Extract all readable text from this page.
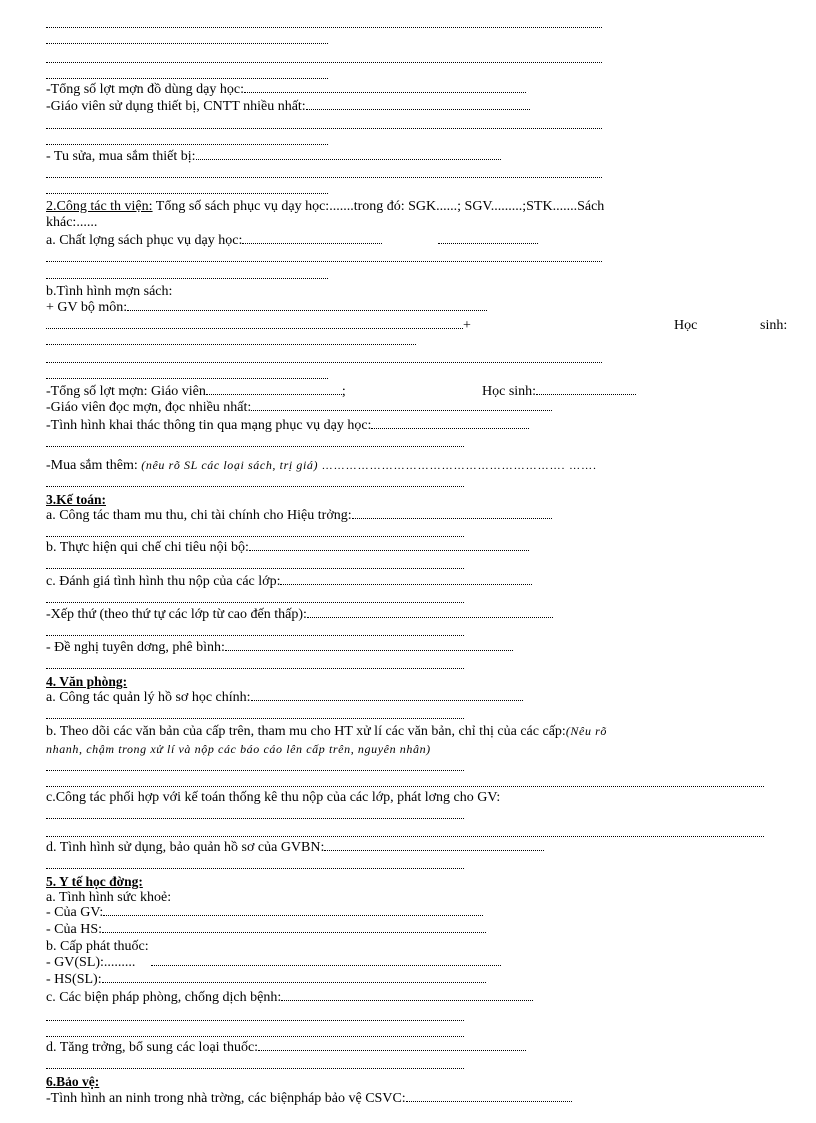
-Tổng số lợt mợn đồ dùng dạy học:
-Giáo viên sử dụng thiết bị, CNTT nhiều nhất:
- Tu sửa, mua sắm thiết bị:
2.Công tác th viện: Tổng số sách phục vụ dạy học:.......trong đó: SGK......; SGV.........;STK.......Sách
khác:......
a. Chất lợng sách phục vụ dạy học:
b.Tình hình mợn sách:
+ GV bộ môn:
+	Học	sinh:
-Tổng số lợt mợn: Giáo viên	;	Học sinh:
-Giáo viên đọc mợn, đọc nhiều nhất:
-Tình hình khai thác thông tin qua mạng phục vụ dạy học:
-Mua sắm thêm: (nêu rõ SL các loại sách, trị giá) ……………………………………………………. …….
3.Kế toán:
a. Công tác tham mu thu, chi tài chính cho Hiệu trởng:
b. Thực hiện qui chế chi tiêu nội bộ:
c. Đánh giá tình hình thu nộp của các lớp:
-Xếp thứ (theo thứ tự các lớp từ cao đến thấp):
- Đề nghị tuyên dơng, phê bình:
4. Văn phòng:
a. Công tác quản lý hồ sơ học chính:
b. Theo dõi các văn bản của cấp trên, tham mu cho HT xử lí các văn bản, chỉ thị của các cấp:(Nêu rõ
nhanh, chậm trong xử lí và nộp các báo cáo lên cấp trên, nguyên nhân)
c.Công tác phối hợp với kế toán thống kê thu nộp của các lớp, phát lơng cho GV:
d. Tình hình sử dụng, bảo quản hồ sơ của GVBN:
5. Y tế học đờng:
a. Tình hình sức khoẻ:
- Của GV:
- Của HS:
b. Cấp phát thuốc:
- GV(SL):.........
- HS(SL):
c. Các biện pháp phòng, chống dịch bệnh:
d. Tăng trởng, bổ sung các loại thuốc:
6.Bảo vệ:
-Tình hình an ninh trong nhà trờng, các biệnpháp bảo vệ CSVC:
